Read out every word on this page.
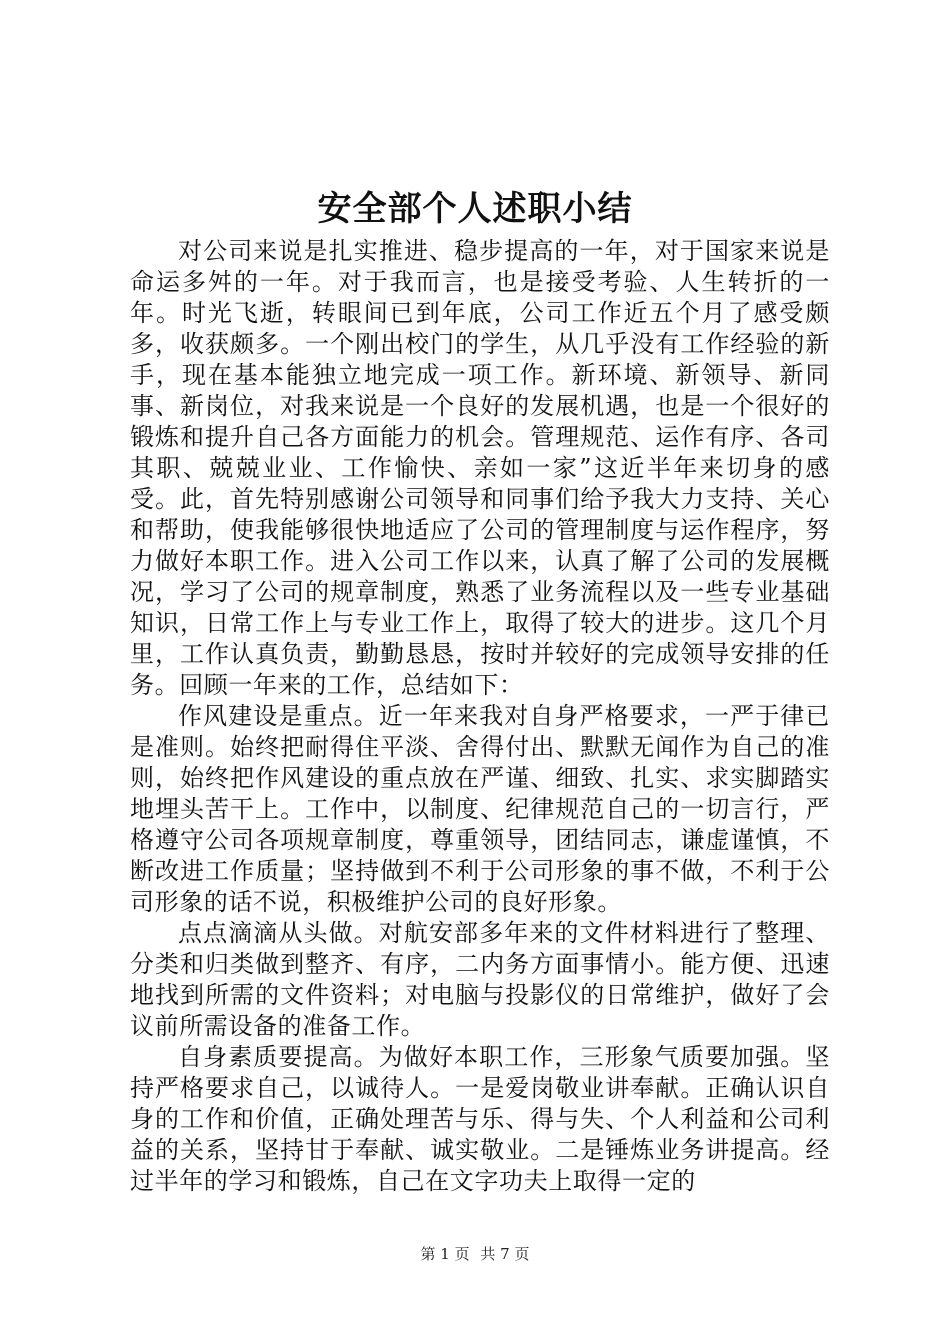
安全部个人述职小结

对公司来说是扎实推进、稳步提高的一年，对于国家来说是命运多舛的一年。对于我而言，也是接受考验、人生转折的一年。时光飞逝，转眼间已到年底，公司工作近五个月了感受颇多，收获颇多。一个刚出校门的学生，从几乎没有工作经验的新手，现在基本能独立地完成一项工作。新环境、新领导、新同事、新岗位，对我来说是一个良好的发展机遇，也是一个很好的锻炼和提升自己各方面能力的机会。管理规范、运作有序、各司其职、兢兢业业、工作愉快、亲如一家”这近半年来切身的感受。此，首先特别感谢公司领导和同事们给予我大力支持、关心和帮助，使我能够很快地适应了公司的管理制度与运作程序，努力做好本职工作。进入公司工作以来，认真了解了公司的发展概况，学习了公司的规章制度，熟悉了业务流程以及一些专业基础知识，日常工作上与专业工作上，取得了较大的进步。这几个月里，工作认真负责，勤勤恳恳，按时并较好的完成领导安排的任务。回顾一年来的工作，总结如下：

作风建设是重点。近一年来我对自身严格要求，一严于律已是准则。始终把耐得住平淡、舍得付出、默默无闻作为自己的准则，始终把作风建设的重点放在严谨、细致、扎实、求实脚踏实地埋头苦干上。工作中，以制度、纪律规范自己的一切言行，严格遵守公司各项规章制度，尊重领导，团结同志，谦虚谨慎，不断改进工作质量；坚持做到不利于公司形象的事不做，不利于公司形象的话不说，积极维护公司的良好形象。

点点滴滴从头做。对航安部多年来的文件材料进行了整理、分类和归类做到整齐、有序，二内务方面事情小。能方便、迅速地找到所需的文件资料；对电脑与投影仪的日常维护，做好了会议前所需设备的准备工作。

自身素质要提高。为做好本职工作，三形象气质要加强。坚持严格要求自己，以诚待人。一是爱岗敬业讲奉献。正确认识自身的工作和价值，正确处理苦与乐、得与失、个人利益和公司利益的关系，坚持甘于奉献、诚实敬业。二是锤炼业务讲提高。经过半年的学习和锻炼，自己在文字功夫上取得一定的

第 1 页 共 7 页
